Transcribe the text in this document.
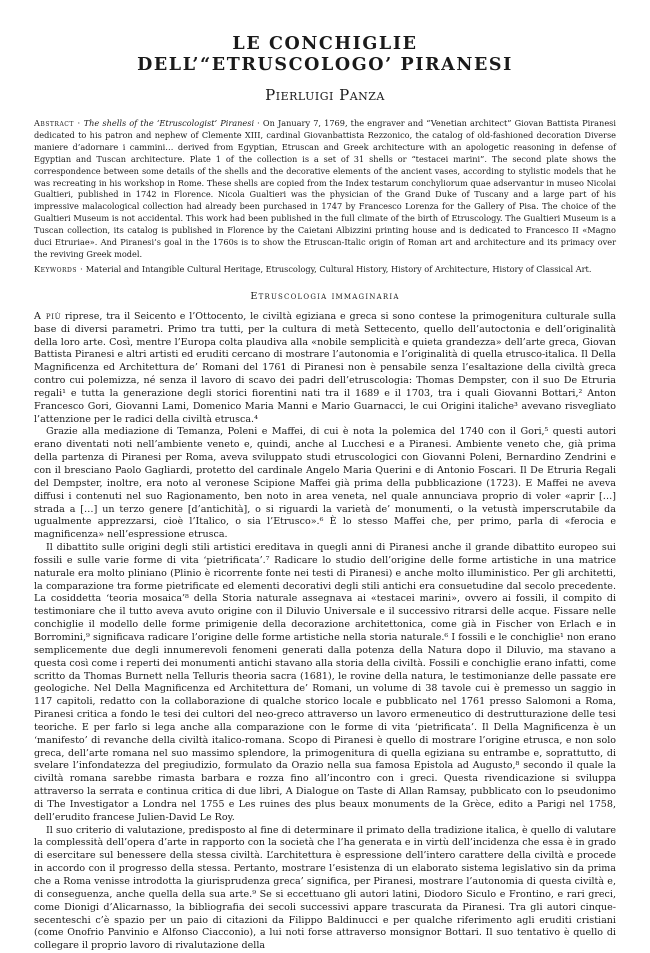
LE CONCHIGLIE
DELL’“ETRUSCOLOGO’ PIRANESI
Pierluigi Panza

Abstract · The shells of the ‘Etruscologist’ Piranesi · On January 7, 1769, the engraver and “Venetian architect” Giovan Battista Piranesi dedicated to his patron and nephew of Clemente XIII, cardinal Giovanbattista Rezzonico, the catalog of old-fashioned decoration Diverse maniere d’adornare i cammini… derived from Egyptian, Etruscan and Greek architecture with an apologetic reasoning in defense of Egyptian and Tuscan architecture. Plate 1 of the collection is a set of 31 shells or “testacei marini”. The second plate shows the correspondence between some details of the shells and the decorative elements of the ancient vases, according to stylistic models that he was recreating in his workshop in Rome. These shells are copied from the Index testarum conchyliorum quae adservantur in museo Nicolai Gualtieri, published in 1742 in Florence. Nicola Gualtieri was the physician of the Grand Duke of Tuscany and a large part of his impressive malacological collection had already been purchased in 1747 by Francesco Lorenza for the Gallery of Pisa. The choice of the Gualtieri Museum is not accidental. This work had been published in the full climate of the birth of Etruscology. The Gualtieri Museum is a Tuscan collection, its catalog is published in Florence by the Caietani Albizzini printing house and is dedicated to Francesco II «Magno duci Etruriae». And Piranesi’s goal in the 1760s is to show the Etruscan-Italic origin of Roman art and architecture and its primacy over the reviving Greek model.

Keywords · Material and Intangible Cultural Heritage, Etruscology, Cultural History, History of Architecture, History of Classical Art.

Etruscologia immaginaria

A più riprese, tra il Seicento e l’Ottocento, le civiltà egiziana e greca si sono contese la primogenitura culturale sulla base di diversi parametri. Primo tra tutti, per la cultura di metà Settecento, quello dell’autoctonia e dell’originalità della loro arte. Così, mentre l’Europa colta plaudiva alla «nobile semplicità e quieta grandezza» dell’arte greca, Giovan Battista Piranesi e altri artisti ed eruditi cercano di mostrare l’autonomia e l’originalità di quella etrusco-italica. Il Della Magnificenza ed Architettura de’ Romani del 1761 di Piranesi non è pensabile senza l’esaltazione della civiltà greca contro cui polemizza, né senza il lavoro di scavo dei padri dell’etruscologia: Thomas Dempster, con il suo De Etruria regali¹ e tutta la generazione degli storici fiorentini nati tra il 1689 e il 1703, tra i quali Giovanni Bottari,² Anton Francesco Gori, Giovanni Lami, Domenico Maria Manni e Mario Guarnacci, le cui Origini italiche³ avevano risvegliato l’attenzione per le radici della civiltà etrusca.⁴

Grazie alla mediazione di Temanza, Poleni e Maffei, di cui è nota la polemica del 1740 con il Gori,⁵ questi autori erano diventati noti nell’ambiente veneto e, quindi, anche al Lucchesi e a Piranesi. Ambiente veneto che, già prima della partenza di Piranesi per Roma, aveva sviluppato studi etruscologici con Giovanni Poleni, Bernardino Zendrini e con il bresciano Paolo Gagliardi, protetto del cardinale Angelo Maria Querini e di Antonio Foscari. Il De Etruria Regali del Dempster, inoltre, era noto al veronese Scipione Maffei già prima della pubblicazione (1723). E Maffei ne aveva diffusi i contenuti nel suo Ragionamento, ben noto in area veneta, nel quale annunciava proprio di voler «aprir […] strada a […] un terzo genere [d’antichità], o si riguardi la varietà de’ monumenti, o la vetustà imperscrutabile da ugualmente apprezzarsi, cioè l’Italico, o sia l’Etrusco».⁶ È lo stesso Maffei che, per primo, parla di «ferocia e magnificenza» nell’espressione etrusca.

Il dibattito sulle origini degli stili artistici ereditava in quegli anni di Piranesi anche il grande dibattito europeo sui fossili e sulle varie forme di vita ‘pietrificata’.⁷ Radicare lo studio dell’origine delle forme artistiche in una matrice naturale era molto pliniano (Plinio è ricorrente fonte nei testi di Piranesi) e anche molto illuministico. Per gli architetti, la comparazione tra forme pietrificate ed elementi decorativi degli stili antichi era consuetudine dal secolo precedente. La cosiddetta ‘teoria mosaica’⁸ della Storia naturale assegnava ai «testacei marini», ovvero ai fossili, il compito di testimoniare che il tutto aveva avuto origine con il Diluvio Universale e il successivo ritrarsi delle acque. Fissare nelle conchiglie il modello delle forme primigenie della decorazione architettonica, come già in Fischer von Erlach e in Borromini,⁹ significava radicare l’origine delle forme artistiche nella storia naturale.⁶ I fossili e le conchiglie¹ non erano semplicemente due degli innumerevoli fenomeni generati dalla potenza della Natura dopo il Diluvio, ma stavano a questa così come i reperti dei monumenti antichi stavano alla storia della civiltà. Fossili e conchiglie erano infatti, come scritto da Thomas Burnett nella Telluris theoria sacra (1681), le rovine della natura, le testimonianze delle passate ere geologiche. Nel Della Magnificenza ed Architettura de’ Romani, un volume di 38 tavole cui è premesso un saggio in 117 capitoli, redatto con la collaborazione di qualche storico locale e pubblicato nel 1761 presso Salomoni a Roma, Piranesi critica a fondo le tesi dei cultori del neo-greco attraverso un lavoro ermeneutico di destrutturazione delle tesi teoriche. E per farlo si lega anche alla comparazione con le forme di vita ‘pietrificata’. Il Della Magnificenza è un ‘manifesto’ di revanche della civiltà italico-romana. Scopo di Piranesi è quello di mostrare l’origine etrusca, e non solo greca, dell’arte romana nel suo massimo splendore, la primogenitura di quella egiziana su entrambe e, soprattutto, di svelare l’infondatezza del pregiudizio, formulato da Orazio nella sua famosa Epistola ad Augusto,⁸ secondo il quale la civiltà romana sarebbe rimasta barbara e rozza fino all’incontro con i greci. Questa rivendicazione si sviluppa attraverso la serrata e continua critica di due libri, A Dialogue on Taste di Allan Ramsay, pubblicato con lo pseudonimo di The Investigator a Londra nel 1755 e Les ruines des plus beaux monuments de la Grèce, edito a Parigi nel 1758, dell’erudito francese Julien-David Le Roy.

Il suo criterio di valutazione, predisposto al fine di determinare il primato della tradizione italica, è quello di valutare la complessità dell’opera d’arte in rapporto con la società che l’ha generata e in virtù dell’incidenza che essa è in grado di esercitare sul benessere della stessa civiltà. L’architettura è espressione dell’intero carattere della civiltà e procede in accordo con il progresso della stessa. Pertanto, mostrare l’esistenza di un elaborato sistema legislativo sin da prima che a Roma venisse introdotta la giurisprudenza greca’ significa, per Piranesi, mostrare l’autonomia di questa civiltà e, di conseguenza, anche quella della sua arte.⁹ Se si eccettuano gli autori latini, Diodoro Siculo e Frontino, e rari greci, come Dionigi d’Alicarnasso, la bibliografia dei secoli successivi appare trascurata da Piranesi. Tra gli autori cinque-secenteschi c’è spazio per un paio di citazioni da Filippo Baldinucci e per qualche riferimento agli eruditi cristiani (come Onofrio Panvinio e Alfonso Ciacconio), a lui noti forse attraverso monsignor Bottari. Il suo tentativo è quello di collegare il proprio lavoro di rivalutazione della
